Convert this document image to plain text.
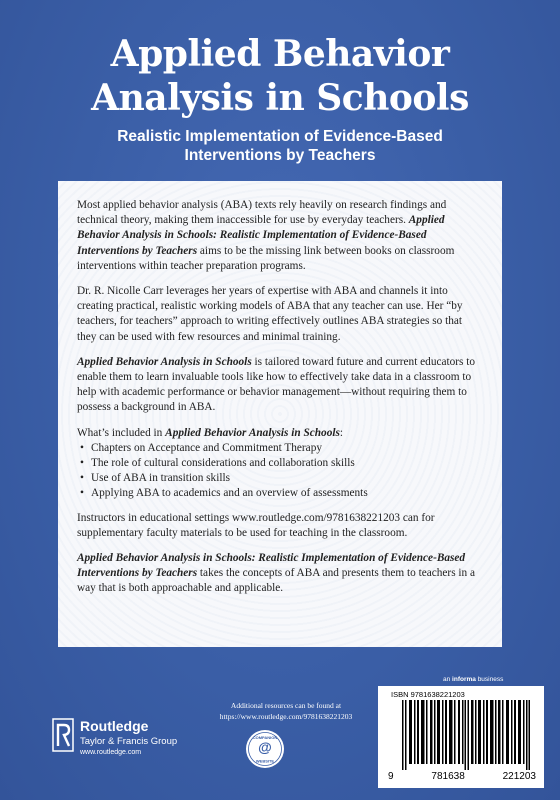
Applied Behavior
Analysis in Schools
Realistic Implementation of Evidence-Based
Interventions by Teachers

Most applied behavior analysis (ABA) texts rely heavily on research findings and technical theory, making them inaccessible for use by everyday teachers. Applied Behavior Analysis in Schools: Realistic Implementation of Evidence-Based Interventions by Teachers aims to be the missing link between books on classroom interventions within teacher preparation programs.

Dr. R. Nicolle Carr leverages her years of expertise with ABA and channels it into creating practical, realistic working models of ABA that any teacher can use. Her “by teachers, for teachers” approach to writing effectively outlines ABA strategies so that they can be used with few resources and minimal training.

Applied Behavior Analysis in Schools is tailored toward future and current educators to enable them to learn invaluable tools like how to effectively take data in a classroom to help with academic performance or behavior management—without requiring them to possess a background in ABA.

What’s included in Applied Behavior Analysis in Schools:

• Chapters on Acceptance and Commitment Therapy
• The role of cultural considerations and collaboration skills
• Use of ABA in transition skills
• Applying ABA to academics and an overview of assessments

Instructors in educational settings www.routledge.com/9781638221203 can for supplementary faculty materials to be used for teaching in the classroom.

Applied Behavior Analysis in Schools: Realistic Implementation of Evidence-Based Interventions by Teachers takes the concepts of ABA and presents them to teachers in a way that is both approachable and applicable.

an informa business
ISBN 9781638221203
9	781638	221203
Additional resources can be found at
https://www.routledge.com/9781638221203
@
COMPANION
WEBSITE
Routledge
Taylor & Francis Group
www.routledge.com
